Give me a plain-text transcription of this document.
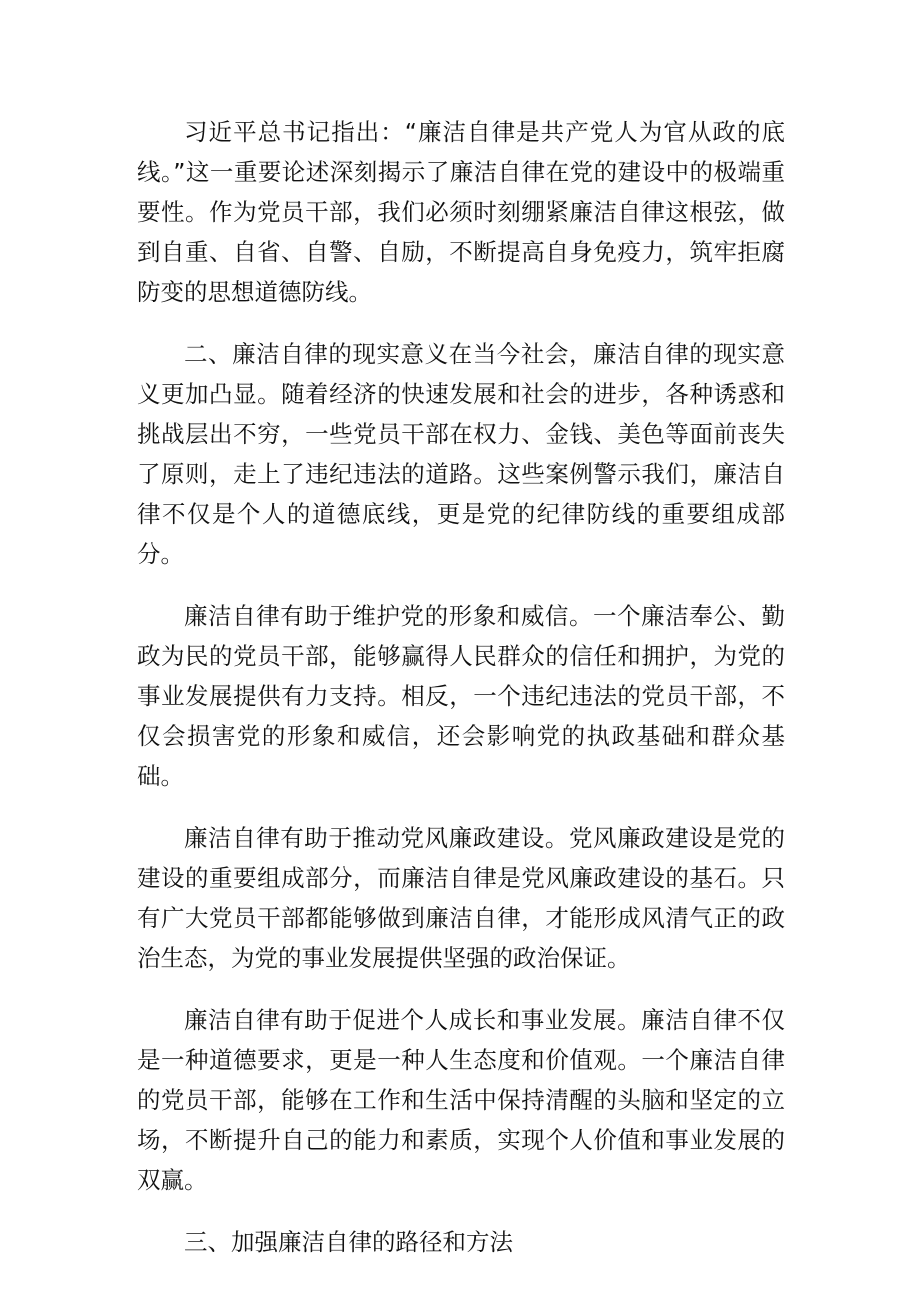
习近平总书记指出：“廉洁自律是共产党人为官从政的底线。”这一重要论述深刻揭示了廉洁自律在党的建设中的极端重要性。作为党员干部，我们必须时刻绷紧廉洁自律这根弦，做到自重、自省、自警、自励，不断提高自身免疫力，筑牢拒腐防变的思想道德防线。

二、廉洁自律的现实意义在当今社会，廉洁自律的现实意义更加凸显。随着经济的快速发展和社会的进步，各种诱惑和挑战层出不穷，一些党员干部在权力、金钱、美色等面前丧失了原则，走上了违纪违法的道路。这些案例警示我们，廉洁自律不仅是个人的道德底线，更是党的纪律防线的重要组成部分。

廉洁自律有助于维护党的形象和威信。一个廉洁奉公、勤政为民的党员干部，能够赢得人民群众的信任和拥护，为党的事业发展提供有力支持。相反，一个违纪违法的党员干部，不仅会损害党的形象和威信，还会影响党的执政基础和群众基础。

廉洁自律有助于推动党风廉政建设。党风廉政建设是党的建设的重要组成部分，而廉洁自律是党风廉政建设的基石。只有广大党员干部都能够做到廉洁自律，才能形成风清气正的政治生态，为党的事业发展提供坚强的政治保证。

廉洁自律有助于促进个人成长和事业发展。廉洁自律不仅是一种道德要求，更是一种人生态度和价值观。一个廉洁自律的党员干部，能够在工作和生活中保持清醒的头脑和坚定的立场，不断提升自己的能力和素质，实现个人价值和事业发展的双赢。

三、加强廉洁自律的路径和方法
